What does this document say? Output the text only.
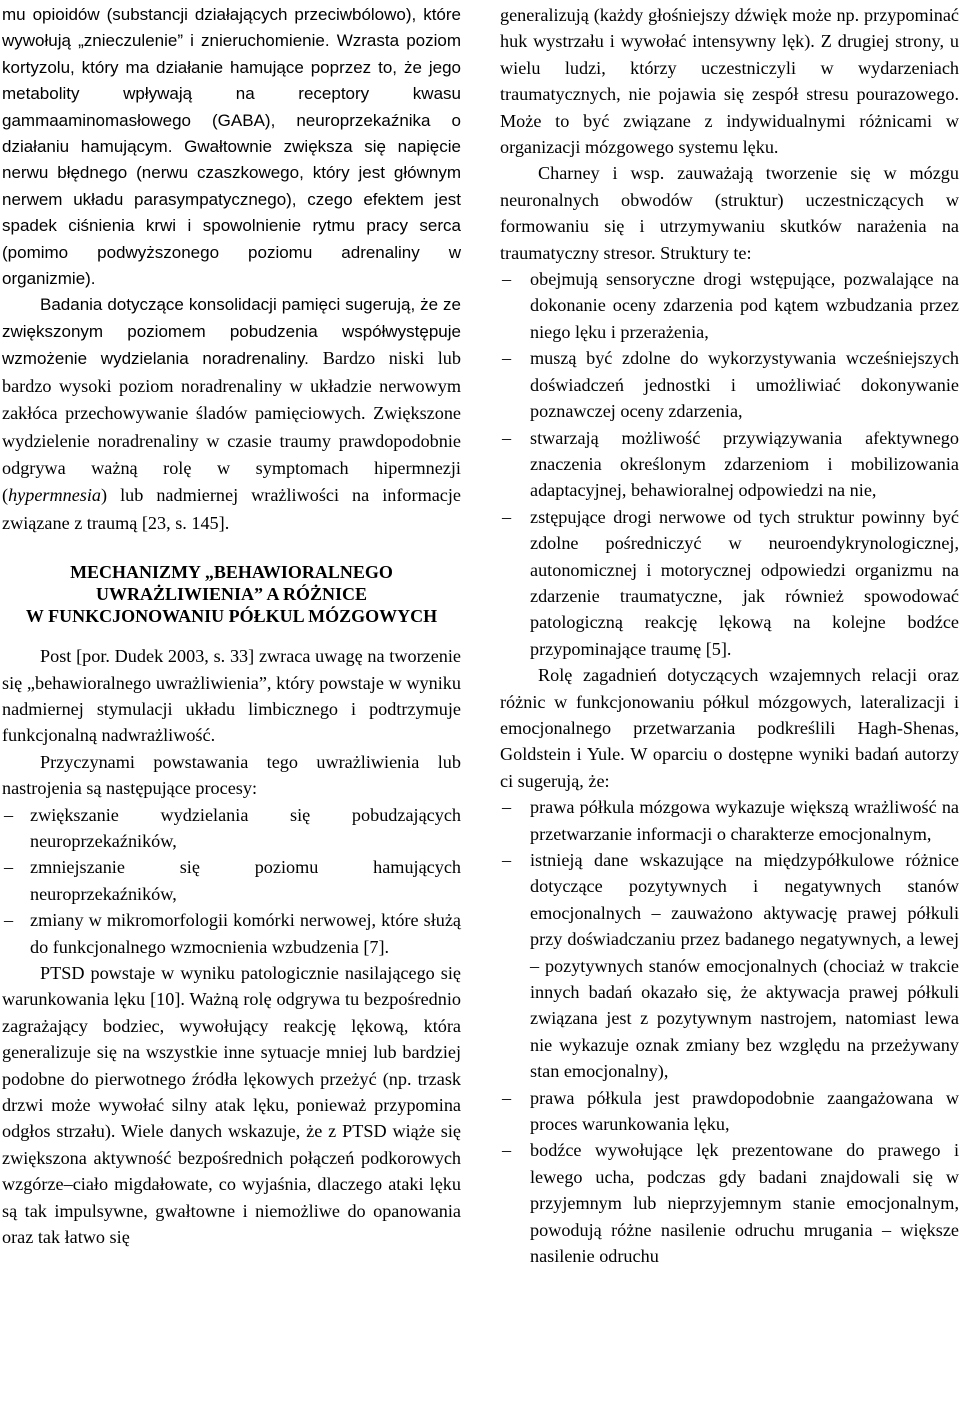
mu opioidów (substancji działających przeciwbólowo), które wywołują „znieczulenie” i znieruchomienie. Wzrasta poziom kortyzolu, który ma działanie hamujące poprzez to, że jego metabolity wpływają na receptory kwasu gammaaminomasłowego (GABA), neuroprzekaźnika o działaniu hamującym. Gwałtownie zwiększa się napięcie nerwu błędnego (nerwu czaszkowego, który jest głównym nerwem układu parasympatycznego), czego efektem jest spadek ciśnienia krwi i spowolnienie rytmu pracy serca (pomimo podwyższonego poziomu adrenaliny w organizmie).

Badania dotyczące konsolidacji pamięci sugerują, że ze zwiększonym poziomem pobudzenia współwystępuje wzmożenie wydzielania noradrenaliny. Bardzo niski lub bardzo wysoki poziom noradrenaliny w układzie nerwowym zakłóca przechowywanie śladów pamięciowych. Zwiększone wydzielenie noradrenaliny w czasie traumy prawdopodobnie odgrywa ważną rolę w symptomach hipermnezji (hypermnesia) lub nadmiernej wrażliwości na informacje związane z traumą [23, s. 145].

MECHANIZMY „BEHAWIORALNEGO
UWRAŻLIWIENIA” A RÓŻNICE
W FUNKCJONOWANIU PÓŁKUL MÓZGOWYCH

Post [por. Dudek 2003, s. 33] zwraca uwagę na tworzenie się „behawioralnego uwrażliwienia”, który powstaje w wyniku nadmiernej stymulacji układu limbicznego i podtrzymuje funkcjonalną nadwrażliwość.

Przyczynami powstawania tego uwrażliwienia lub nastrojenia są następujące procesy:

– zwiększanie wydzielania się pobudzających neuroprzekaźników,
– zmniejszanie się poziomu hamujących neuroprzekaźników,
– zmiany w mikromorfologii komórki nerwowej, które służą do funkcjonalnego wzmocnienia wzbudzenia [7].

PTSD powstaje w wyniku patologicznie nasilającego się warunkowania lęku [10]. Ważną rolę odgrywa tu bezpośrednio zagrażający bodziec, wywołujący reakcję lękową, która generalizuje się na wszystkie inne sytuacje mniej lub bardziej podobne do pierwotnego źródła lękowych przeżyć (np. trzask drzwi może wywołać silny atak lęku, ponieważ przypomina odgłos strzału). Wiele danych wskazuje, że z PTSD wiąże się zwiększona aktywność bezpośrednich połączeń podkorowych wzgórze–ciało migdałowate, co wyjaśnia, dlaczego ataki lęku są tak impulsywne, gwałtowne i niemożliwe do opanowania oraz tak łatwo się

generalizują (każdy głośniejszy dźwięk może np. przypominać huk wystrzału i wywołać intensywny lęk). Z drugiej strony, u wielu ludzi, którzy uczestniczyli w wydarzeniach traumatycznych, nie pojawia się zespół stresu pourazowego. Może to być związane z indywidualnymi różnicami w organizacji mózgowego systemu lęku.

Charney i wsp. zauważają tworzenie się w mózgu neuronalnych obwodów (struktur) uczestniczących w formowaniu się i utrzymywaniu skutków narażenia na traumatyczny stresor. Struktury te:

– obejmują sensoryczne drogi wstępujące, pozwalające na dokonanie oceny zdarzenia pod kątem wzbudzania przez niego lęku i przerażenia,
– muszą być zdolne do wykorzystywania wcześniejszych doświadczeń jednostki i umożliwiać dokonywanie poznawczej oceny zdarzenia,
– stwarzają możliwość przywiązywania afektywnego znaczenia określonym zdarzeniom i mobilizowania adaptacyjnej, behawioralnej odpowiedzi na nie,
– zstępujące drogi nerwowe od tych struktur powinny być zdolne pośredniczyć w neuroendykrynologicznej, autonomicznej i motorycznej odpowiedzi organizmu na zdarzenie traumatyczne, jak również spowodować patologiczną reakcję lękową na kolejne bodźce przypominające traumę [5].

Rolę zagadnień dotyczących wzajemnych relacji oraz różnic w funkcjonowaniu półkul mózgowych, lateralizacji i emocjonalnego przetwarzania podkreślili Hagh-Shenas, Goldstein i Yule. W oparciu o dostępne wyniki badań autorzy ci sugerują, że:

– prawa półkula mózgowa wykazuje większą wrażliwość na przetwarzanie informacji o charakterze emocjonalnym,
– istnieją dane wskazujące na międzypółkulowe różnice dotyczące pozytywnych i negatywnych stanów emocjonalnych – zauważono aktywację prawej półkuli przy doświadczaniu przez badanego negatywnych, a lewej – pozytywnych stanów emocjonalnych (chociaż w trakcie innych badań okazało się, że aktywacja prawej półkuli związana jest z pozytywnym nastrojem, natomiast lewa nie wykazuje oznak zmiany bez względu na przeżywany stan emocjonalny),
– prawa półkula jest prawdopodobnie zaangażowana w proces warunkowania lęku,
– bodźce wywołujące lęk prezentowane do prawego i lewego ucha, podczas gdy badani znajdowali się w przyjemnym lub nieprzyjemnym stanie emocjonalnym, powodują różne nasilenie odruchu mrugania – większe nasilenie odruchu
